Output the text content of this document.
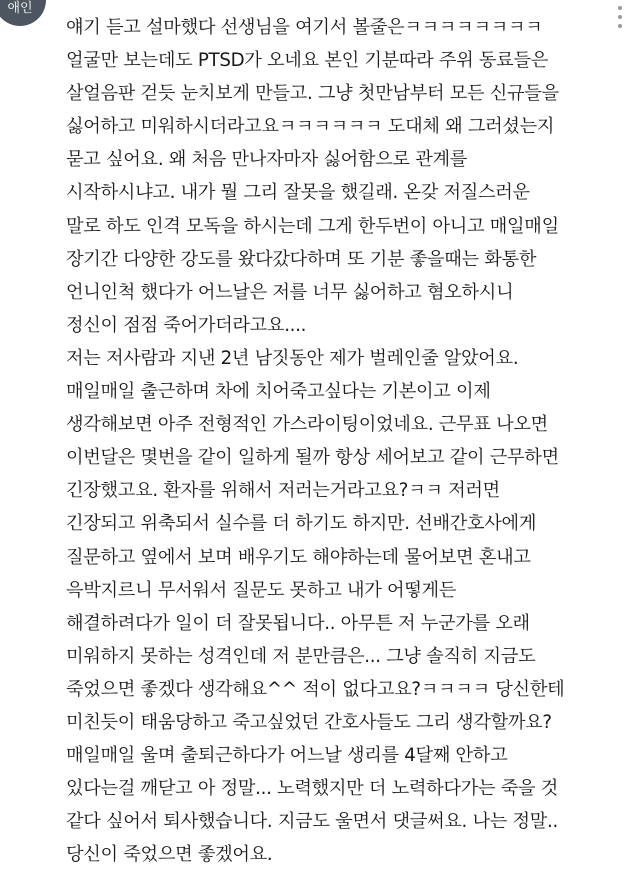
애인
얘기 듣고 설마했다 선생님을 여기서 볼줄은ㅋㅋㅋㅋㅋㅋㅋㅋ
얼굴만 보는데도 PTSD가 오네요 본인 기분따라 주위 동료들은
살얼음판 걷듯 눈치보게 만들고. 그냥 첫만남부터 모든 신규들을
싫어하고 미워하시더라고요ㅋㅋㅋㅋㅋㅋ 도대체 왜 그러셨는지
묻고 싶어요. 왜 처음 만나자마자 싫어함으로 관계를
시작하시냐고. 내가 뭘 그리 잘못을 했길래. 온갖 저질스러운
말로 하도 인격 모독을 하시는데 그게 한두번이 아니고 매일매일
장기간 다양한 강도를 왔다갔다하며 또 기분 좋을때는 화통한
언니인척 했다가 어느날은 저를 너무 싫어하고 혐오하시니
정신이 점점 죽어가더라고요....
저는 저사람과 지낸 2년 남짓동안 제가 벌레인줄 알았어요.
매일매일 출근하며 차에 치어죽고싶다는 기본이고 이제
생각해보면 아주 전형적인 가스라이팅이었네요. 근무표 나오면
이번달은 몇번을 같이 일하게 될까 항상 세어보고 같이 근무하면
긴장했고요. 환자를 위해서 저러는거라고요?ㅋㅋ 저러면
긴장되고 위축되서 실수를 더 하기도 하지만. 선배간호사에게
질문하고 옆에서 보며 배우기도 해야하는데 물어보면 혼내고
윽박지르니 무서워서 질문도 못하고 내가 어떻게든
해결하려다가 일이 더 잘못됩니다.. 아무튼 저 누군가를 오래
미워하지 못하는 성격인데 저 분만큼은... 그냥 솔직히 지금도
죽었으면 좋겠다 생각해요^^ 적이 없다고요?ㅋㅋㅋㅋ 당신한테
미친듯이 태움당하고 죽고싶었던 간호사들도 그리 생각할까요?
매일매일 울며 출퇴근하다가 어느날 생리를 4달째 안하고
있다는걸 깨닫고 아 정말... 노력했지만 더 노력하다가는 죽을 것
같다 싶어서 퇴사했습니다. 지금도 울면서 댓글써요. 나는 정말..
당신이 죽었으면 좋겠어요.
